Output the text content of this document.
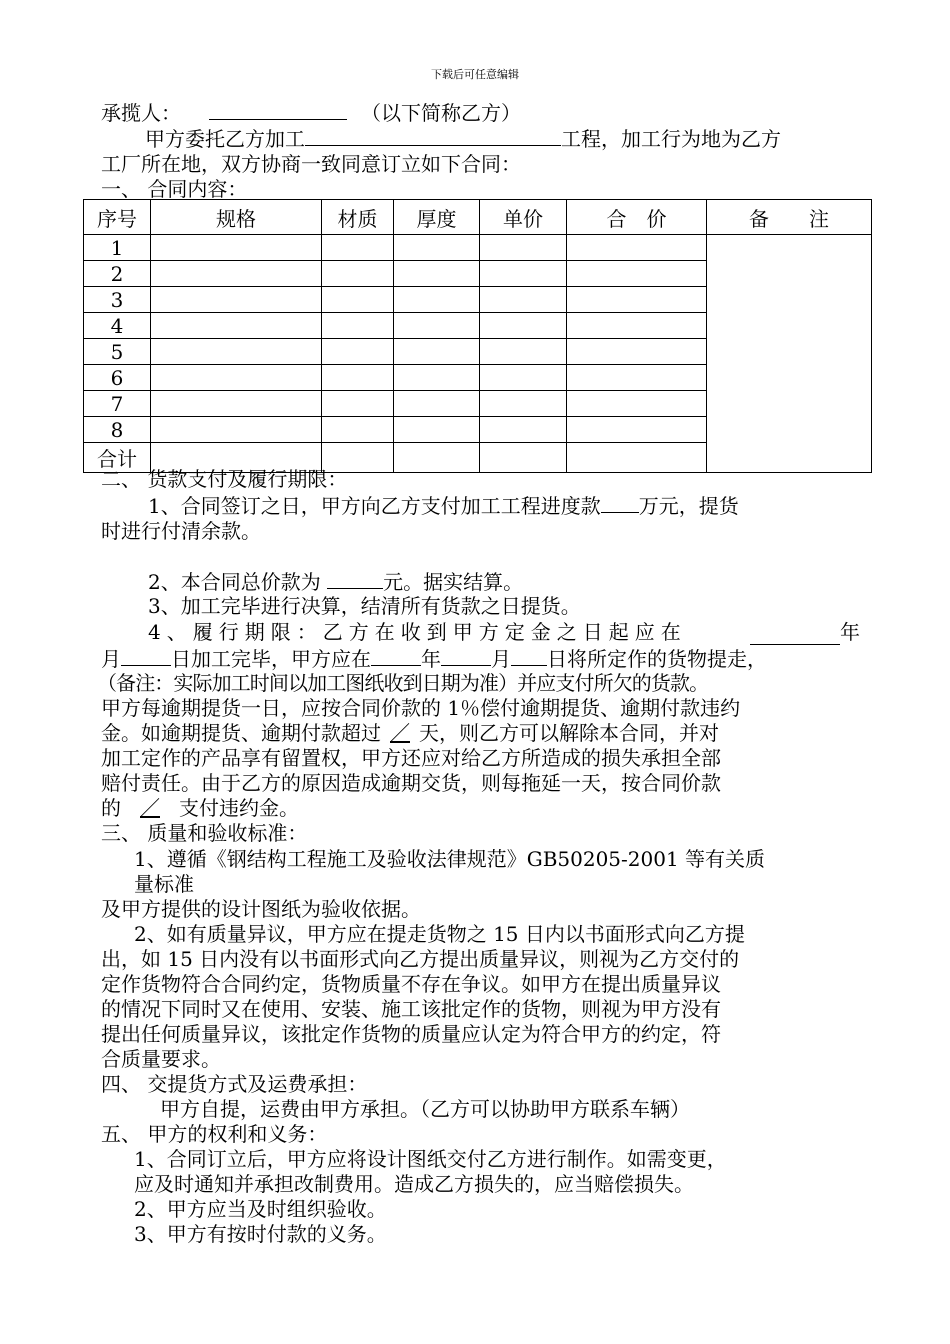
下载后可任意编辑
承揽人：	（以下简称乙方）
甲方委托乙方加工	工程，加工行为地为乙方
工厂所在地，双方协商一致同意订立如下合同：
一、 合同内容：
序号	规格	材质	厚度	单价	合　价	备　　注
1						
2						
3						
4						
5						
6						
7						
8						
合计						
二、 货款支付及履行期限：
1、合同签订之日，甲方向乙方支付加工工程进度款 万元，提货
时进行付清余款。
2、本合同总价款为	元。据实结算。
3、加工完毕进行决算，结清所有货款之日提货。
4、履行期限：乙方在收到甲方定金之日起应在	年
月	日加工完毕，甲方应在	年	月 日将所定作的货物提走，
（备注：实际加工时间以加工图纸收到日期为准）并应支付所欠的货款。
甲方每逾期提货一日，应按合同价款的 1％偿付逾期提货、逾期付款违约
金。如逾期提货、逾期付款超过 ／ 天，则乙方可以解除本合同，并对
加工定作的产品享有留置权，甲方还应对给乙方所造成的损失承担全部
赔付责任。由于乙方的原因造成逾期交货，则每拖延一天，按合同价款
的 ／ 支付违约金。
三、 质量和验收标准：
1、遵循《钢结构工程施工及验收法律规范》GB50205-2001 等有关质
量标准
及甲方提供的设计图纸为验收依据。
2、如有质量异议，甲方应在提走货物之 15 日内以书面形式向乙方提
出，如 15 日内没有以书面形式向乙方提出质量异议，则视为乙方交付的
定作货物符合合同约定，货物质量不存在争议。如甲方在提出质量异议
的情况下同时又在使用、安装、施工该批定作的货物，则视为甲方没有
提出任何质量异议，该批定作货物的质量应认定为符合甲方的约定，符
合质量要求。
四、 交提货方式及运费承担：
甲方自提，运费由甲方承担。（乙方可以协助甲方联系车辆）
五、 甲方的权利和义务：
1、合同订立后，甲方应将设计图纸交付乙方进行制作。如需变更，
应及时通知并承担改制费用。造成乙方损失的，应当赔偿损失。
2、甲方应当及时组织验收。
3、甲方有按时付款的义务。
